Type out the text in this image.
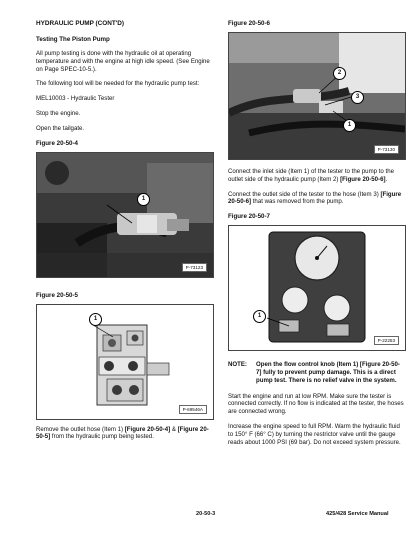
HYDRAULIC PUMP (CONT'D)
Testing The Piston Pump

All pump testing is done with the hydraulic oil at operating temperature and with the engine at high idle speed. (See Engine on Page SPEC-10-5.).

The following tool will be needed for the hydraulic pump test:

MEL10003 - Hydraulic Tester

Stop the engine.

Open the tailgate.

Figure 20-50-4
1
P-73123
Figure 20-50-5
1
P-69546A

Remove the outlet hose (Item 1) [Figure 20-50-4] & [Figure 20-50-5] from the hydraulic pump being tested.

Figure 20-50-6
2
3
1
P-73130

Connect the inlet side (Item 1) of the tester to the pump to the outlet side of the hydraulic pump (Item 2) [Figure 20-50-6].

Connect the outlet side of the tester to the hose (Item 3) [Figure 20-50-6] that was removed from the pump.

Figure 20-50-7
1
P-22253
NOTE:	Open the flow control knob (Item 1) [Figure 20-50-7] fully to prevent pump damage. This is a direct pump test. There is no relief valve in the system.

Start the engine and run at low RPM. Make sure the tester is connected correctly. If no flow is indicated at the tester, the hoses are connected wrong.

Increase the engine speed to full RPM. Warm the hydraulic fluid to 150° F (66° C) by turning the restrictor valve until the gauge reads about 1000 PSI (69 bar). Do not exceed system pressure.

20-50-3	425/428 Service Manual
